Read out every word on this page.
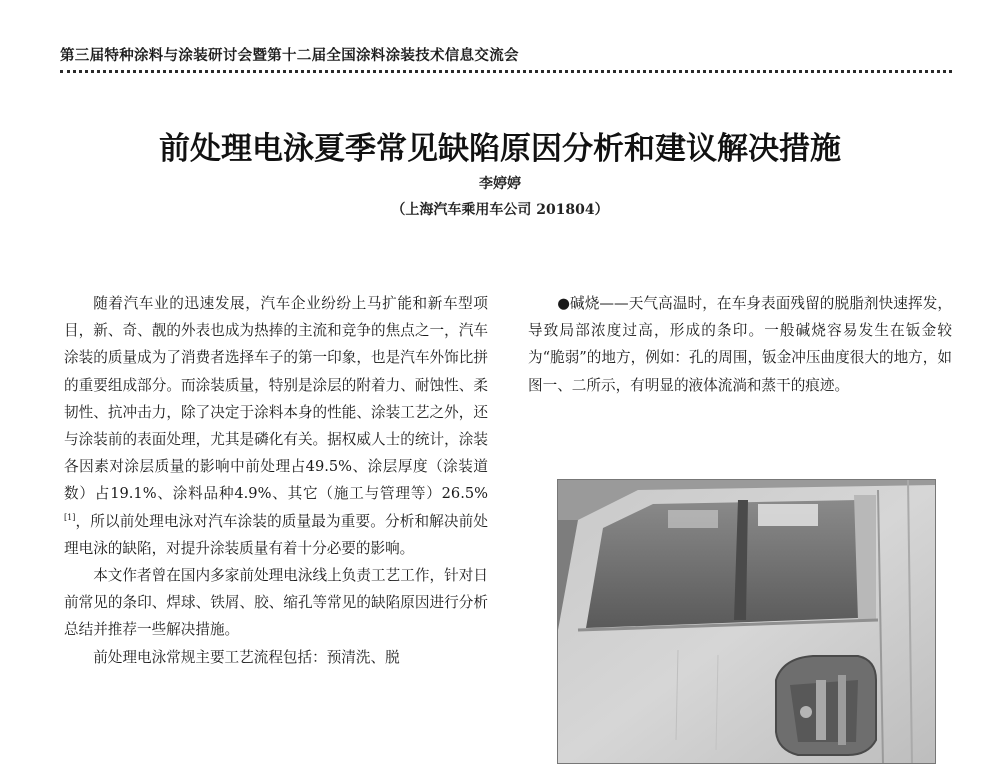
第三届特种涂料与涂装研讨会暨第十二届全国涂料涂装技术信息交流会
前处理电泳夏季常见缺陷原因分析和建议解决措施
李婷婷
（上海汽车乘用车公司 201804）

随着汽车业的迅速发展，汽车企业纷纷上马扩能和新车型项目，新、奇、靓的外表也成为热捧的主流和竞争的焦点之一，汽车涂装的质量成为了消费者选择车子的第一印象，也是汽车外饰比拼的重要组成部分。而涂装质量，特别是涂层的附着力、耐蚀性、柔韧性、抗冲击力，除了决定于涂料本身的性能、涂装工艺之外，还与涂装前的表面处理，尤其是磷化有关。据权威人士的统计，涂装各因素对涂层质量的影响中前处理占49.5%、涂层厚度（涂装道数）占19.1%、涂料品种4.9%、其它（施工与管理等）26.5%[1]，所以前处理电泳对汽车涂装的质量最为重要。分析和解决前处理电泳的缺陷，对提升涂装质量有着十分必要的影响。

本文作者曾在国内多家前处理电泳线上负责工艺工作，针对日前常见的条印、焊球、铁屑、胶、缩孔等常见的缺陷原因进行分析总结并推荐一些解决措施。

前处理电泳常规主要工艺流程包括：预清洗、脱

●碱烧——天气高温时，在车身表面残留的脱脂剂快速挥发，导致局部浓度过高，形成的条印。一般碱烧容易发生在钣金较为“脆弱”的地方，例如：孔的周围，钣金冲压曲度很大的地方，如图一、二所示，有明显的液体流淌和蒸干的痕迹。
